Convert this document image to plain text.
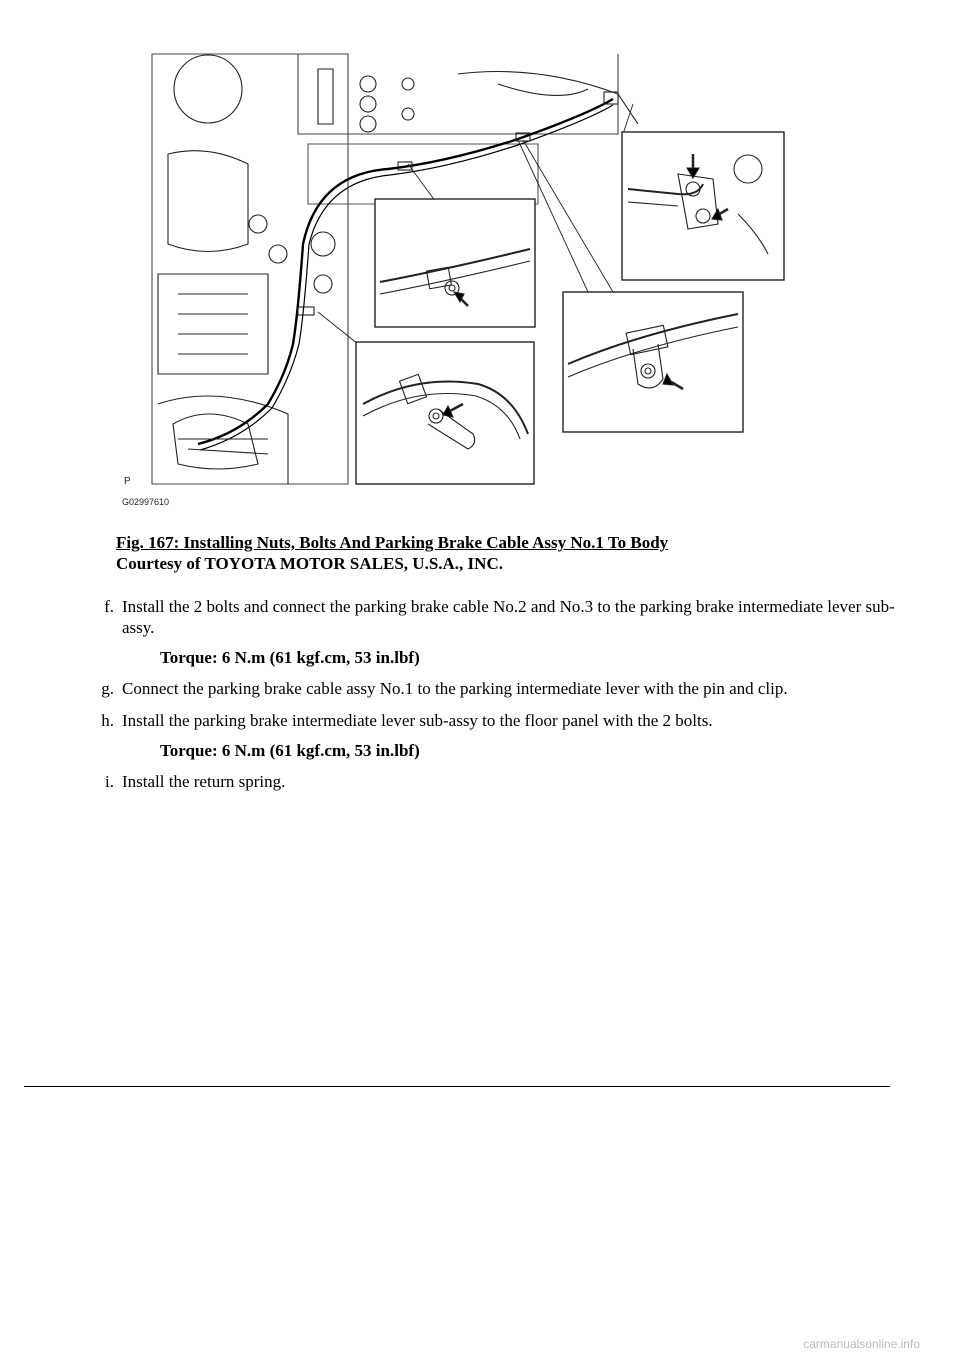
P
G02997610
Fig. 167: Installing Nuts, Bolts And Parking Brake Cable Assy No.1 To Body
Courtesy of TOYOTA MOTOR SALES, U.S.A., INC.
f. Install the 2 bolts and connect the parking brake cable No.2 and No.3 to the parking brake intermediate lever sub-assy.
Torque: 6 N.m (61 kgf.cm, 53 in.lbf)
g. Connect the parking brake cable assy No.1 to the parking intermediate lever with the pin and clip.
h. Install the parking brake intermediate lever sub-assy to the floor panel with the 2 bolts.
Torque: 6 N.m (61 kgf.cm, 53 in.lbf)
i. Install the return spring.
carmanualsonline.info
